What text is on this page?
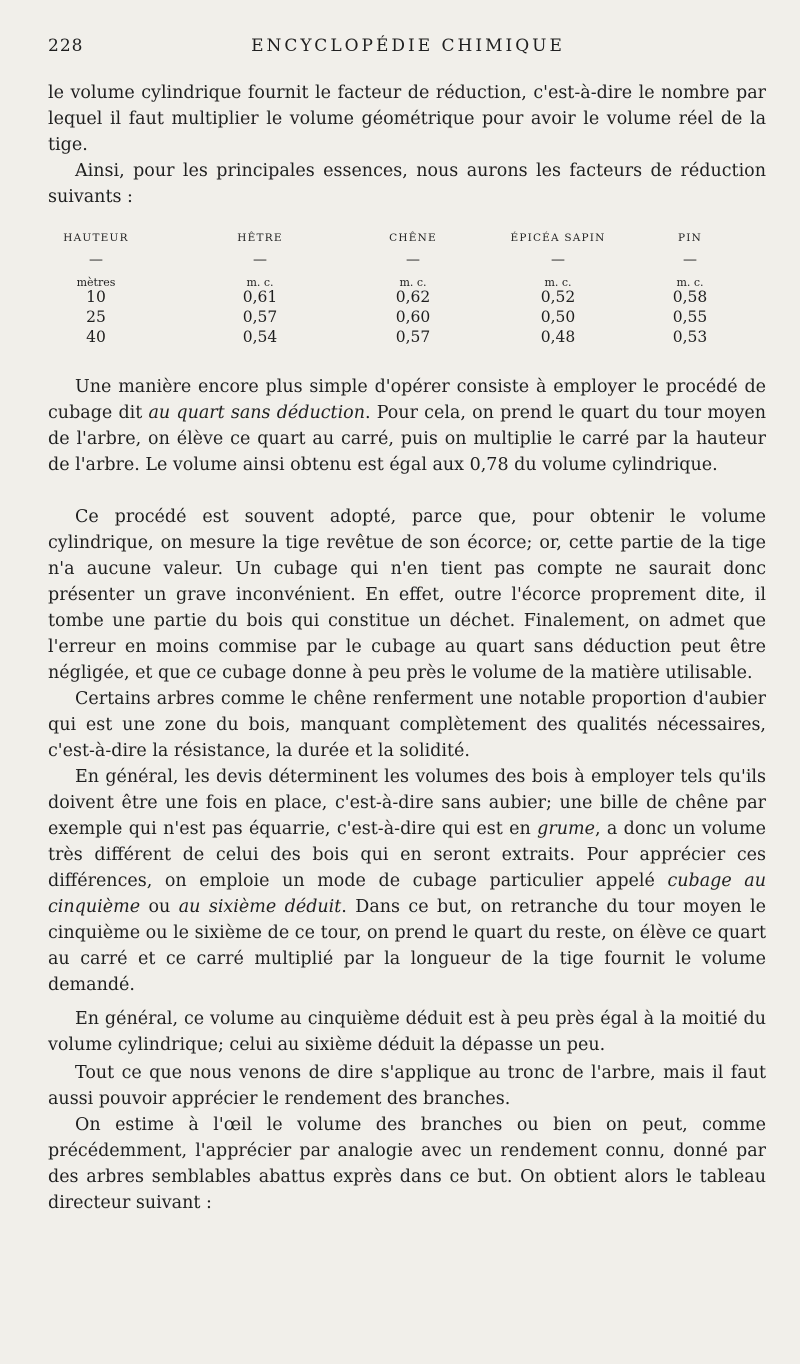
228	ENCYCLOPÉDIE CHIMIQUE

le volume cylindrique fournit le facteur de réduction, c'est-à-dire le nombre par lequel il faut multiplier le volume géométrique pour avoir le volume réel de la tige.

Ainsi, pour les principales essences, nous aurons les facteurs de réduction suivants :

HAUTEUR	HÊTRE	CHÊNE	ÉPICÉA SAPIN	PIN
—	—	—	—	—
mètres	m. c.	m. c.	m. c.	m. c.
10	0,61	0,62	0,52	0,58
25	0,57	0,60	0,50	0,55
40	0,54	0,57	0,48	0,53

Une manière encore plus simple d'opérer consiste à employer le procédé de cubage dit au quart sans déduction. Pour cela, on prend le quart du tour moyen de l'arbre, on élève ce quart au carré, puis on multiplie le carré par la hauteur de l'arbre. Le volume ainsi obtenu est égal aux 0,78 du volume cylindrique.

Ce procédé est souvent adopté, parce que, pour obtenir le volume cylindrique, on mesure la tige revêtue de son écorce; or, cette partie de la tige n'a aucune valeur. Un cubage qui n'en tient pas compte ne saurait donc présenter un grave inconvénient. En effet, outre l'écorce proprement dite, il tombe une partie du bois qui constitue un déchet. Finalement, on admet que l'erreur en moins commise par le cubage au quart sans déduction peut être négligée, et que ce cubage donne à peu près le volume de la matière utilisable.

Certains arbres comme le chêne renferment une notable proportion d'aubier qui est une zone du bois, manquant complètement des qualités nécessaires, c'est-à-dire la résistance, la durée et la solidité.

En général, les devis déterminent les volumes des bois à employer tels qu'ils doivent être une fois en place, c'est-à-dire sans aubier; une bille de chêne par exemple qui n'est pas équarrie, c'est-à-dire qui est en grume, a donc un volume très différent de celui des bois qui en seront extraits. Pour apprécier ces différences, on emploie un mode de cubage particulier appelé cubage au cinquième ou au sixième déduit. Dans ce but, on retranche du tour moyen le cinquième ou le sixième de ce tour, on prend le quart du reste, on élève ce quart au carré et ce carré multiplié par la longueur de la tige fournit le volume demandé.

En général, ce volume au cinquième déduit est à peu près égal à la moitié du volume cylindrique; celui au sixième déduit la dépasse un peu.

Tout ce que nous venons de dire s'applique au tronc de l'arbre, mais il faut aussi pouvoir apprécier le rendement des branches.

On estime à l'œil le volume des branches ou bien on peut, comme précédemment, l'apprécier par analogie avec un rendement connu, donné par des arbres semblables abattus exprès dans ce but. On obtient alors le tableau directeur suivant :
